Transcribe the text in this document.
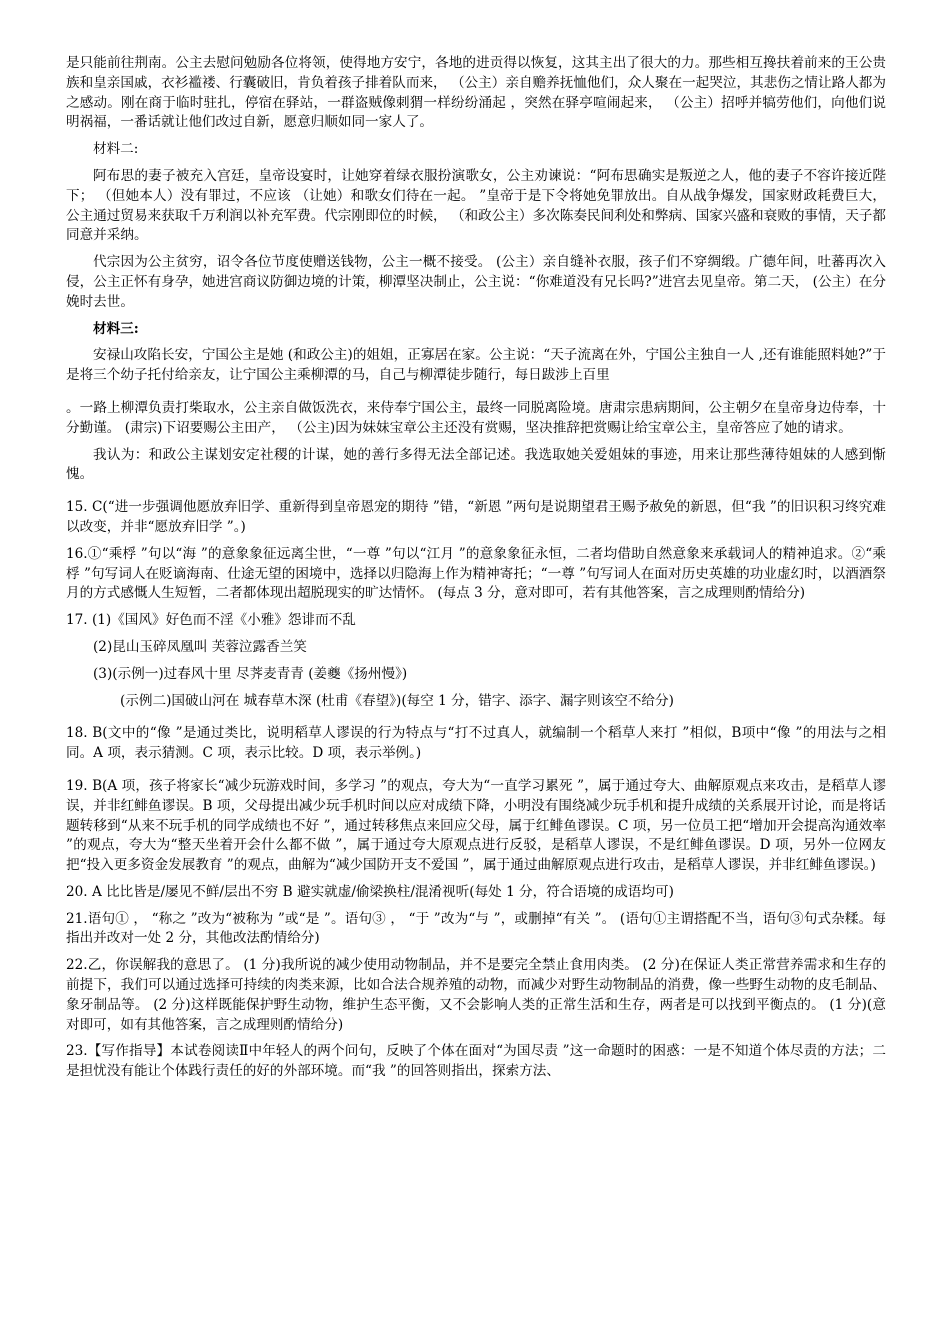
是只能前往荆南。公主去慰问勉励各位将领，使得地方安宁，各地的进贡得以恢复，这其主出了很大的力。那些相互搀扶着前来的王公贵族和皇亲国戚，衣衫褴褛、行囊破旧，肯负着孩子排着队而来， （公主）亲自赡养抚恤他们，众人聚在一起哭泣，其悲伤之情让路人都为之感动。刚在商于临时驻扎，停宿在驿站，一群盗贼像刺猬一样纷纷涌起 ，突然在驿亭喧闹起来， （公主）招呼并犒劳他们，向他们说明祸福，一番话就让他们改过自新，愿意归顺如同一家人了。

材料二:

阿布思的妻子被充入宫廷，皇帝设宴时，让她穿着绿衣服扮演歌女，公主劝谏说：“阿布思确实是叛逆之人，他的妻子不容许接近陛下； （但她本人）没有罪过，不应该 （让她）和歌女们待在一起。 ”皇帝于是下令将她免罪放出。自从战争爆发，国家财政耗费巨大，公主通过贸易来获取千万利润以补充军费。代宗刚即位的时候， （和政公主）多次陈奏民间利处和弊病、国家兴盛和衰败的事情，天子都同意并采纳。

代宗因为公主贫穷，诏令各位节度使赠送钱物，公主一概不接受。 (公主）亲自缝补衣服，孩子们不穿绸缎。广德年间，吐蕃再次入侵，公主正怀有身孕，她进宫商议防御边境的计策，柳潭坚决制止，公主说：“你难道没有兄长吗?”进宫去见皇帝。第二天， (公主）在分娩时去世。

材料三:

安禄山攻陷长安，宁国公主是她 (和政公主)的姐姐，正寡居在家。公主说：“天子流离在外，宁国公主独自一人 ,还有谁能照料她?”于是将三个幼子托付给亲友，让宁国公主乘柳潭的马，自己与柳潭徒步随行，每日跋涉上百里

。一路上柳潭负责打柴取水，公主亲自做饭洗衣，来侍奉宁国公主，最终一同脱离险境。唐肃宗患病期间，公主朝夕在皇帝身边侍奉，十分勤谨。 (肃宗)下诏要赐公主田产， （公主)因为妹妹宝章公主还没有赏赐，坚决推辞把赏赐让给宝章公主，皇帝答应了她的请求。

我认为：和政公主谋划安定社稷的计谋，她的善行多得无法全部记述。我选取她关爱姐妹的事迹，用来让那些薄待姐妹的人感到惭愧。

15. C(“进一步强调他愿放弃旧学、重新得到皇帝恩宠的期待 ”错，“新恩 ”两句是说期望君王赐予赦免的新恩，但“我 ”的旧识积习终究难以改变，并非“愿放弃旧学 ”。)

16.①“乘桴 ”句以“海 ”的意象象征远离尘世，“一尊 ”句以“江月 ”的意象象征永恒，二者均借助自然意象来承载词人的精神追求。②“乘桴 ”句写词人在贬谪海南、仕途无望的困境中，选择以归隐海上作为精神寄托；“一尊 ”句写词人在面对历史英雄的功业虚幻时，以酒酒祭月的方式感慨人生短暂，二者都体现出超脱现实的旷达情怀。 (每点 3 分，意对即可，若有其他答案，言之成理则酌情给分)

17. (1)《国风》好色而不淫《小雅》怨诽而不乱

(2)昆山玉碎凤凰叫 芙蓉泣露香兰笑

(3)(示例一)过春风十里 尽荠麦青青 (姜夔《扬州慢》)

(示例二)国破山河在 城春草木深 (杜甫《春望》)(每空 1 分，错字、添字、漏字则该空不给分)

18. B(文中的“像 ”是通过类比，说明稻草人谬误的行为特点与“打不过真人，就编制一个稻草人来打 ”相似，B项中“像 ”的用法与之相同。A 项，表示猜测。C 项，表示比较。D 项，表示举例。)

19. B(A 项，孩子将家长“减少玩游戏时间，多学习 ”的观点，夸大为“一直学习累死 ”，属于通过夸大、曲解原观点来攻击，是稻草人谬误，并非红鲱鱼谬误。B 项，父母提出减少玩手机时间以应对成绩下降，小明没有围绕减少玩手机和提升成绩的关系展开讨论，而是将话题转移到“从来不玩手机的同学成绩也不好 ”，通过转移焦点来回应父母，属于红鲱鱼谬误。C 项，另一位员工把“增加开会提高沟通效率 ”的观点，夸大为“整天坐着开会什么都不做 ”，属于通过夸大原观点进行反驳，是稻草人谬误，不是红鲱鱼谬误。D 项，另外一位网友把“投入更多资金发展教育 ”的观点，曲解为“减少国防开支不爱国 ”，属于通过曲解原观点进行攻击，是稻草人谬误，并非红鲱鱼谬误。)

20. A 比比皆是/屡见不鲜/层出不穷 B 避实就虚/偷梁换柱/混淆视听(每处 1 分，符合语境的成语均可)

21.语句① ， “称之 ”改为“被称为 ”或“是 ”。语句③ ， “于 ”改为“与 ”，或删掉“有关 ”。 (语句①主谓搭配不当，语句③句式杂糅。每指出并改对一处 2 分，其他改法酌情给分)

22.乙，你误解我的意思了。 (1 分)我所说的减少使用动物制品，并不是要完全禁止食用肉类。 (2 分)在保证人类正常营养需求和生存的前提下，我们可以通过选择可持续的肉类来源，比如合法合规养殖的动物，而减少对野生动物制品的消费，像一些野生动物的皮毛制品、象牙制品等。 (2 分)这样既能保护野生动物，维护生态平衡，又不会影响人类的正常生活和生存，两者是可以找到平衡点的。 (1 分)(意对即可，如有其他答案，言之成理则酌情给分)

23.【写作指导】本试卷阅读Ⅱ中年轻人的两个问句，反映了个体在面对“为国尽责 ”这一命题时的困惑：一是不知道个体尽责的方法；二是担忧没有能让个体践行责任的好的外部环境。而“我 ”的回答则指出，探索方法、
